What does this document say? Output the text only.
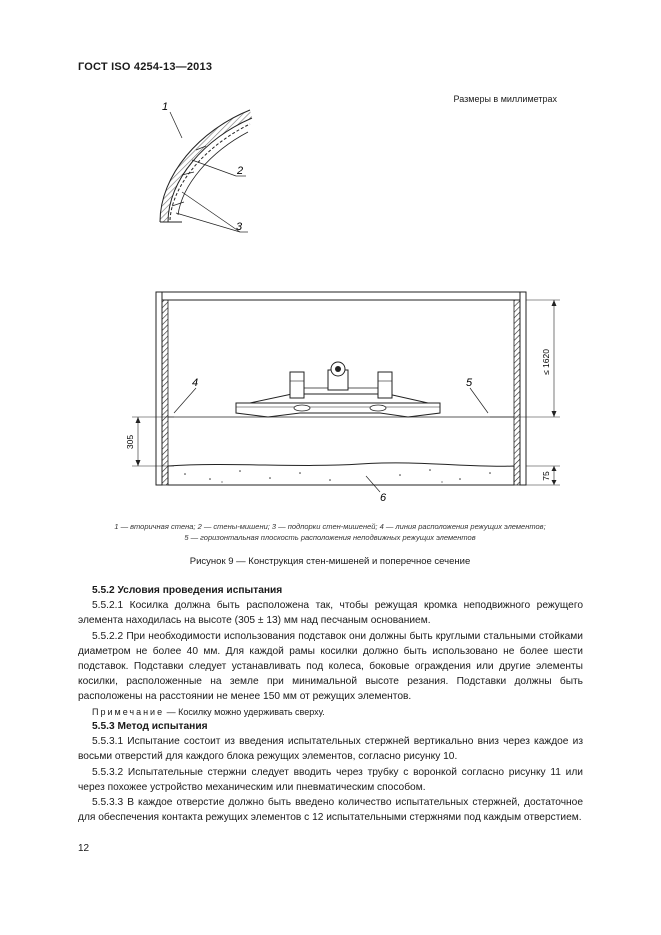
ГОСТ ISO 4254-13—2013
Размеры в миллиметрах
1
2
3
4	5
6
≤ 1620
75
305
1 — вторичная стена; 2 — стены-мишени; 3 — подпорки стен-мишеней; 4 — линия расположения режущих элементов;
5 — горизонтальная плоскость расположения неподвижных режущих элементов
Рисунок 9 — Конструкция стен-мишеней и поперечное сечение

5.5.2 Условия проведения испытания

5.5.2.1 Косилка должна быть расположена так, чтобы режущая кромка неподвижного режущего элемента находилась на высоте (305 ± 13) мм над песчаным основанием.

5.5.2.2 При необходимости использования подставок они должны быть круглыми стальными стойками диаметром не более 40 мм. Для каждой рамы косилки должно быть использовано не более шести подставок. Подставки следует устанавливать под колеса, боковые ограждения или другие элементы косилки, расположенные на земле при минимальной высоте резания. Подставки должны быть расположены на расстоянии не менее 150 мм от режущих элементов.

Примечание — Косилку можно удерживать сверху.

5.5.3 Метод испытания

5.5.3.1 Испытание состоит из введения испытательных стержней вертикально вниз через каждое из восьми отверстий для каждого блока режущих элементов, согласно рисунку 10.

5.5.3.2 Испытательные стержни следует вводить через трубку с воронкой согласно рисунку 11 или через похожее устройство механическим или пневматическим способом.

5.5.3.3 В каждое отверстие должно быть введено количество испытательных стержней, достаточное для обеспечения контакта режущих элементов с 12 испытательными стержнями под каждым отверстием.

12
